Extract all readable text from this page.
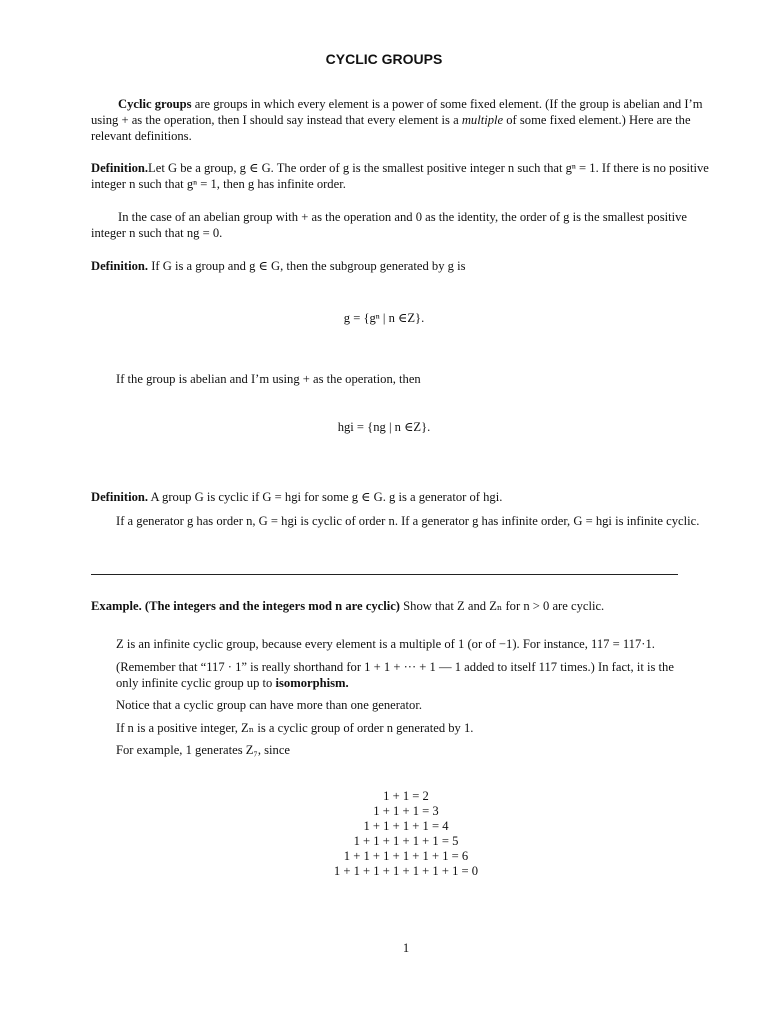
CYCLIC GROUPS
Cyclic groups are groups in which every element is a power of some fixed element. (If the group is abelian and I’m
using + as the operation, then I should say instead that every element is a multiple of some fixed element.) Here are the
relevant definitions.
Definition.Let G be a group, g ∈ G. The order of g is the smallest positive integer n such that gⁿ = 1. If there is no positive
integer n such that gⁿ = 1, then g has infinite order.
In the case of an abelian group with + as the operation and 0 as the identity, the order of g is the smallest positive
integer n such that ng = 0.
Definition. If G is a group and g ∈ G, then the subgroup generated by g is
g = {gⁿ | n ∈Z}.
If the group is abelian and I’m using + as the operation, then
hgi = {ng | n ∈Z}.
Definition. A group G is cyclic if G = hgi for some g ∈ G. g is a generator of hgi.
If a generator g has order n, G = hgi is cyclic of order n. If a generator g has infinite order, G = hgi is infinite cyclic.
Example. (The integers and the integers mod n are cyclic) Show that Z and Zₙ for n > 0 are cyclic.
Z is an infinite cyclic group, because every element is a multiple of 1 (or of −1). For instance, 117 = 117·1.
(Remember that “117 · 1” is really shorthand for 1 + 1 + ··· + 1 — 1 added to itself 117 times.) In fact, it is the
only infinite cyclic group up to isomorphism.
Notice that a cyclic group can have more than one generator.
If n is a positive integer, Zₙ is a cyclic group of order n generated by 1.
For example, 1 generates Z₇, since
1 + 1 = 2
1 + 1 + 1 = 3
1 + 1 + 1 + 1 = 4
1 + 1 + 1 + 1 + 1 = 5
1 + 1 + 1 + 1 + 1 + 1 = 6
1 + 1 + 1 + 1 + 1 + 1 + 1 = 0
1
